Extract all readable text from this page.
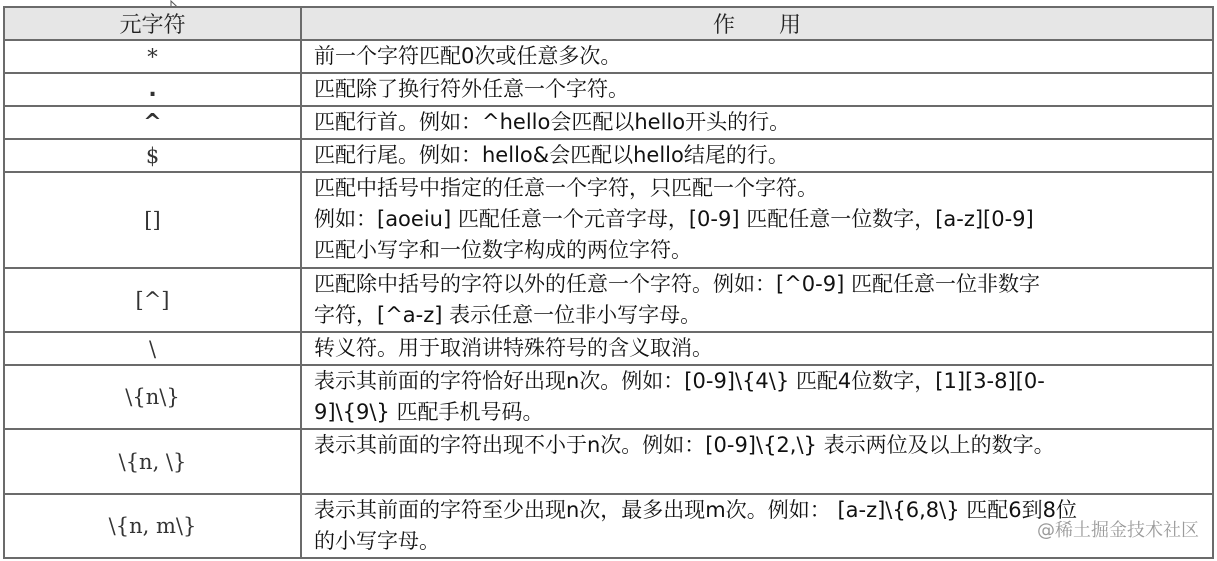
元字符	作　　用
*	前一个字符匹配0次或任意多次。

.	匹配除了换行符外任意一个字符。

^	匹配行首。例如：^hello会匹配以hello开头的行。

$	匹配行尾。例如：hello&会匹配以hello结尾的行。

[]	匹配中括号中指定的任意一个字符，只匹配一个字符。
例如：[aoeiu] 匹配任意一个元音字母，[0-9] 匹配任意一位数字，[a-z][0-9]
匹配小写字和一位数字构成的两位字符。

[^]	匹配除中括号的字符以外的任意一个字符。例如：[^0-9] 匹配任意一位非数字
字符，[^a-z] 表示任意一位非小写字母。

\	转义符。用于取消讲特殊符号的含义取消。

\{n\}	表示其前面的字符恰好出现n次。例如：[0-9]\{4\} 匹配4位数字，[1][3-8][0-
9]\{9\} 匹配手机号码。

\{n, \}	表示其前面的字符出现不小于n次。例如：[0-9]\{2,\} 表示两位及以上的数字。

\{n, m\}	表示其前面的字符至少出现n次，最多出现m次。例如： [a-z]\{6,8\} 匹配6到8位
的小写字母。	@稀土掘金技术社区
